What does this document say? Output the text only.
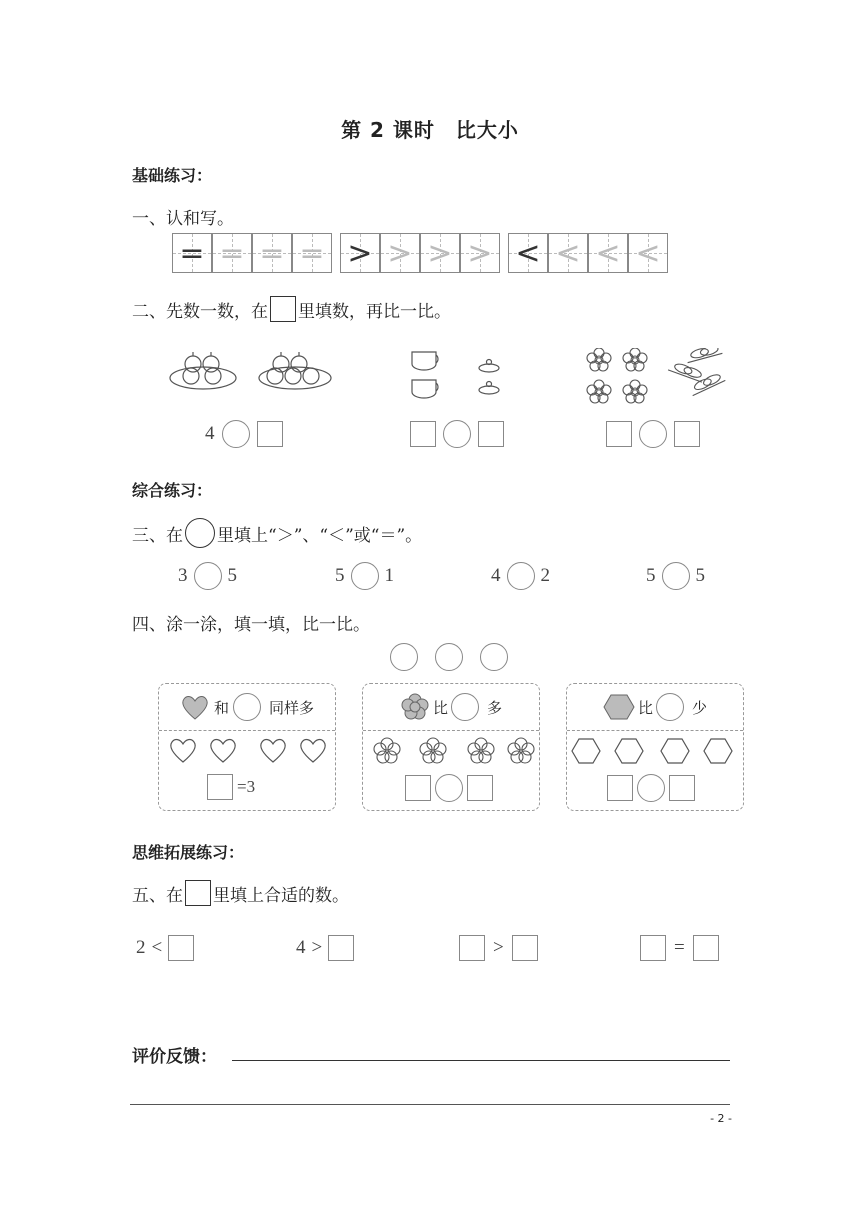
第 2 课时　比大小
基础练习：
一、认和写。
= = = = > > > > < < < <
二、先数一数，在 里填数，再比一比。
4
综合练习：
三、在 里填上“＞”、“＜”或“＝”。
3 5	5 1	4 2	5 5
四、涂一涂，填一填，比一比。
和	同样多
=3
比	多	比	少
思维拓展练习：
五、在 里填上合适的数。
2 <	4 >	>	=
评价反馈：
- 2 -
